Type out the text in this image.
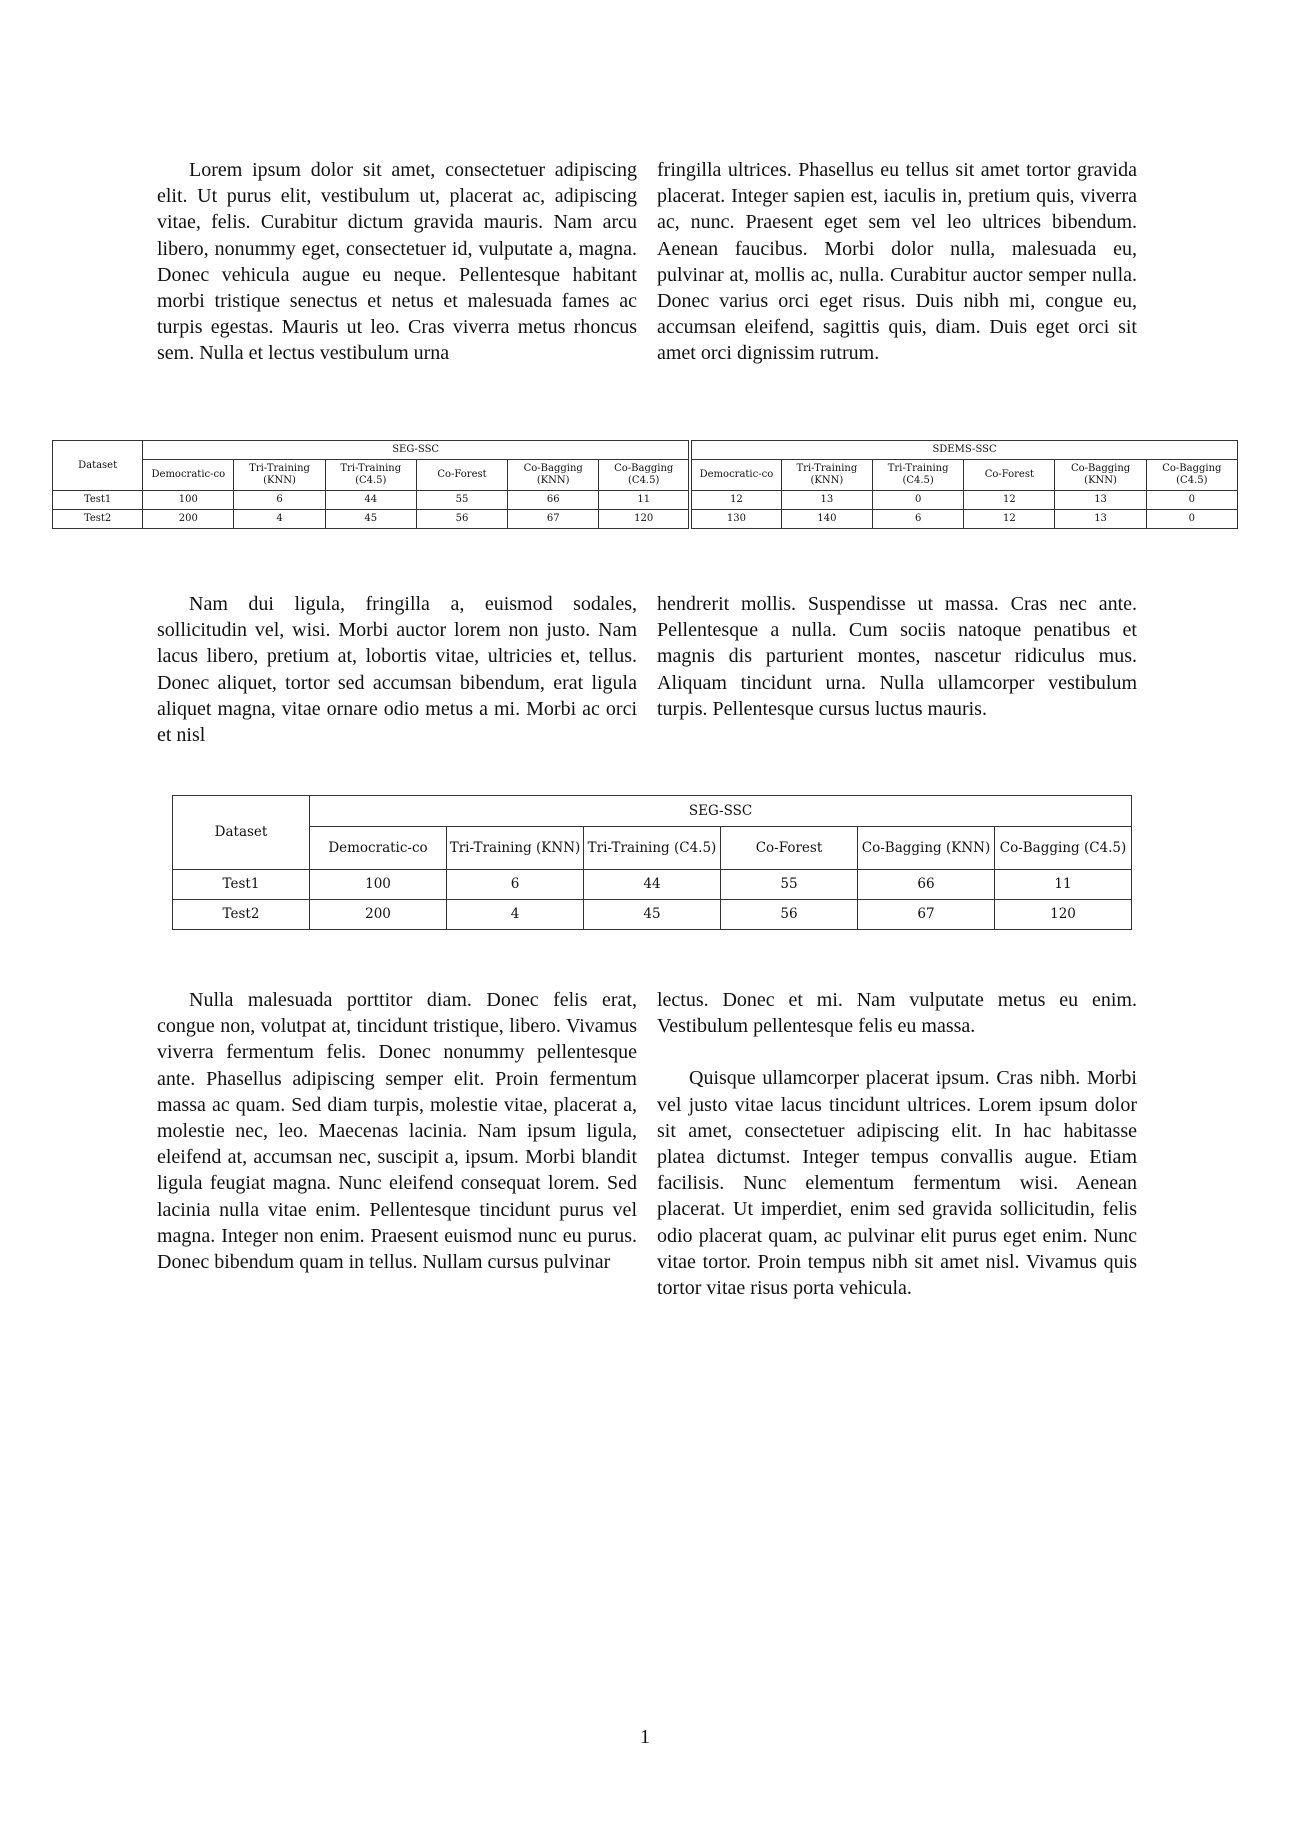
Lorem ipsum dolor sit amet, consectetuer adipiscing elit. Ut purus elit, vestibulum ut, placerat ac, adipiscing vitae, felis. Curabitur dictum gravida mauris. Nam arcu libero, nonummy eget, consectetuer id, vulputate a, magna. Donec vehicula augue eu neque. Pellentesque habitant morbi tristique senectus et netus et malesuada fames ac turpis egestas. Mauris ut leo. Cras viverra metus rhoncus sem. Nulla et lectus vestibulum urna

fringilla ultrices. Phasellus eu tellus sit amet tortor gravida placerat. Integer sapien est, iaculis in, pretium quis, viverra ac, nunc. Praesent eget sem vel leo ultrices bibendum. Aenean faucibus. Morbi dolor nulla, malesuada eu, pulvinar at, mollis ac, nulla. Curabitur auctor semper nulla. Donec varius orci eget risus. Duis nibh mi, congue eu, accumsan eleifend, sagittis quis, diam. Duis eget orci sit amet orci dignissim rutrum.

Dataset	SEG-SSC						SDEMS-SSC					
	Democratic-co	Tri-Training (KNN)	Tri-Training (C4.5)	Co-Forest	Co-Bagging (KNN)	Co-Bagging (C4.5)	Democratic-co	Tri-Training (KNN)	Tri-Training (C4.5)	Co-Forest	Co-Bagging (KNN)	Co-Bagging (C4.5)
Test1	100	6	44	55	66	11	12	13	0	12	13	0
Test2	200	4	45	56	67	120	130	140	6	12	13	0

Nam dui ligula, fringilla a, euismod sodales, sollicitudin vel, wisi. Morbi auctor lorem non justo. Nam lacus libero, pretium at, lobortis vitae, ultricies et, tellus. Donec aliquet, tortor sed accumsan bibendum, erat ligula aliquet magna, vitae ornare odio metus a mi. Morbi ac orci et nisl

hendrerit mollis. Suspendisse ut massa. Cras nec ante. Pellentesque a nulla. Cum sociis natoque penatibus et magnis dis parturient montes, nascetur ridiculus mus. Aliquam tincidunt urna. Nulla ullamcorper vestibulum turpis. Pellentesque cursus luctus mauris.

Dataset	SEG-SSC					
	Democratic-co	Tri-Training (KNN)	Tri-Training (C4.5)	Co-Forest	Co-Bagging (KNN)	Co-Bagging (C4.5)
Test1	100	6	44	55	66	11
Test2	200	4	45	56	67	120

Nulla malesuada porttitor diam. Donec felis erat, congue non, volutpat at, tincidunt tristique, libero. Vivamus viverra fermentum felis. Donec nonummy pellentesque ante. Phasellus adipiscing semper elit. Proin fermentum massa ac quam. Sed diam turpis, molestie vitae, placerat a, molestie nec, leo. Maecenas lacinia. Nam ipsum ligula, eleifend at, accumsan nec, suscipit a, ipsum. Morbi blandit ligula feugiat magna. Nunc eleifend consequat lorem. Sed lacinia nulla vitae enim. Pellentesque tincidunt purus vel magna. Integer non enim. Praesent euismod nunc eu purus. Donec bibendum quam in tellus. Nullam cursus pulvinar

lectus. Donec et mi. Nam vulputate metus eu enim. Vestibulum pellentesque felis eu massa.

Quisque ullamcorper placerat ipsum. Cras nibh. Morbi vel justo vitae lacus tincidunt ultrices. Lorem ipsum dolor sit amet, consectetuer adipiscing elit. In hac habitasse platea dictumst. Integer tempus convallis augue. Etiam facilisis. Nunc elementum fermentum wisi. Aenean placerat. Ut imperdiet, enim sed gravida sollicitudin, felis odio placerat quam, ac pulvinar elit purus eget enim. Nunc vitae tortor. Proin tempus nibh sit amet nisl. Vivamus quis tortor vitae risus porta vehicula.

1
